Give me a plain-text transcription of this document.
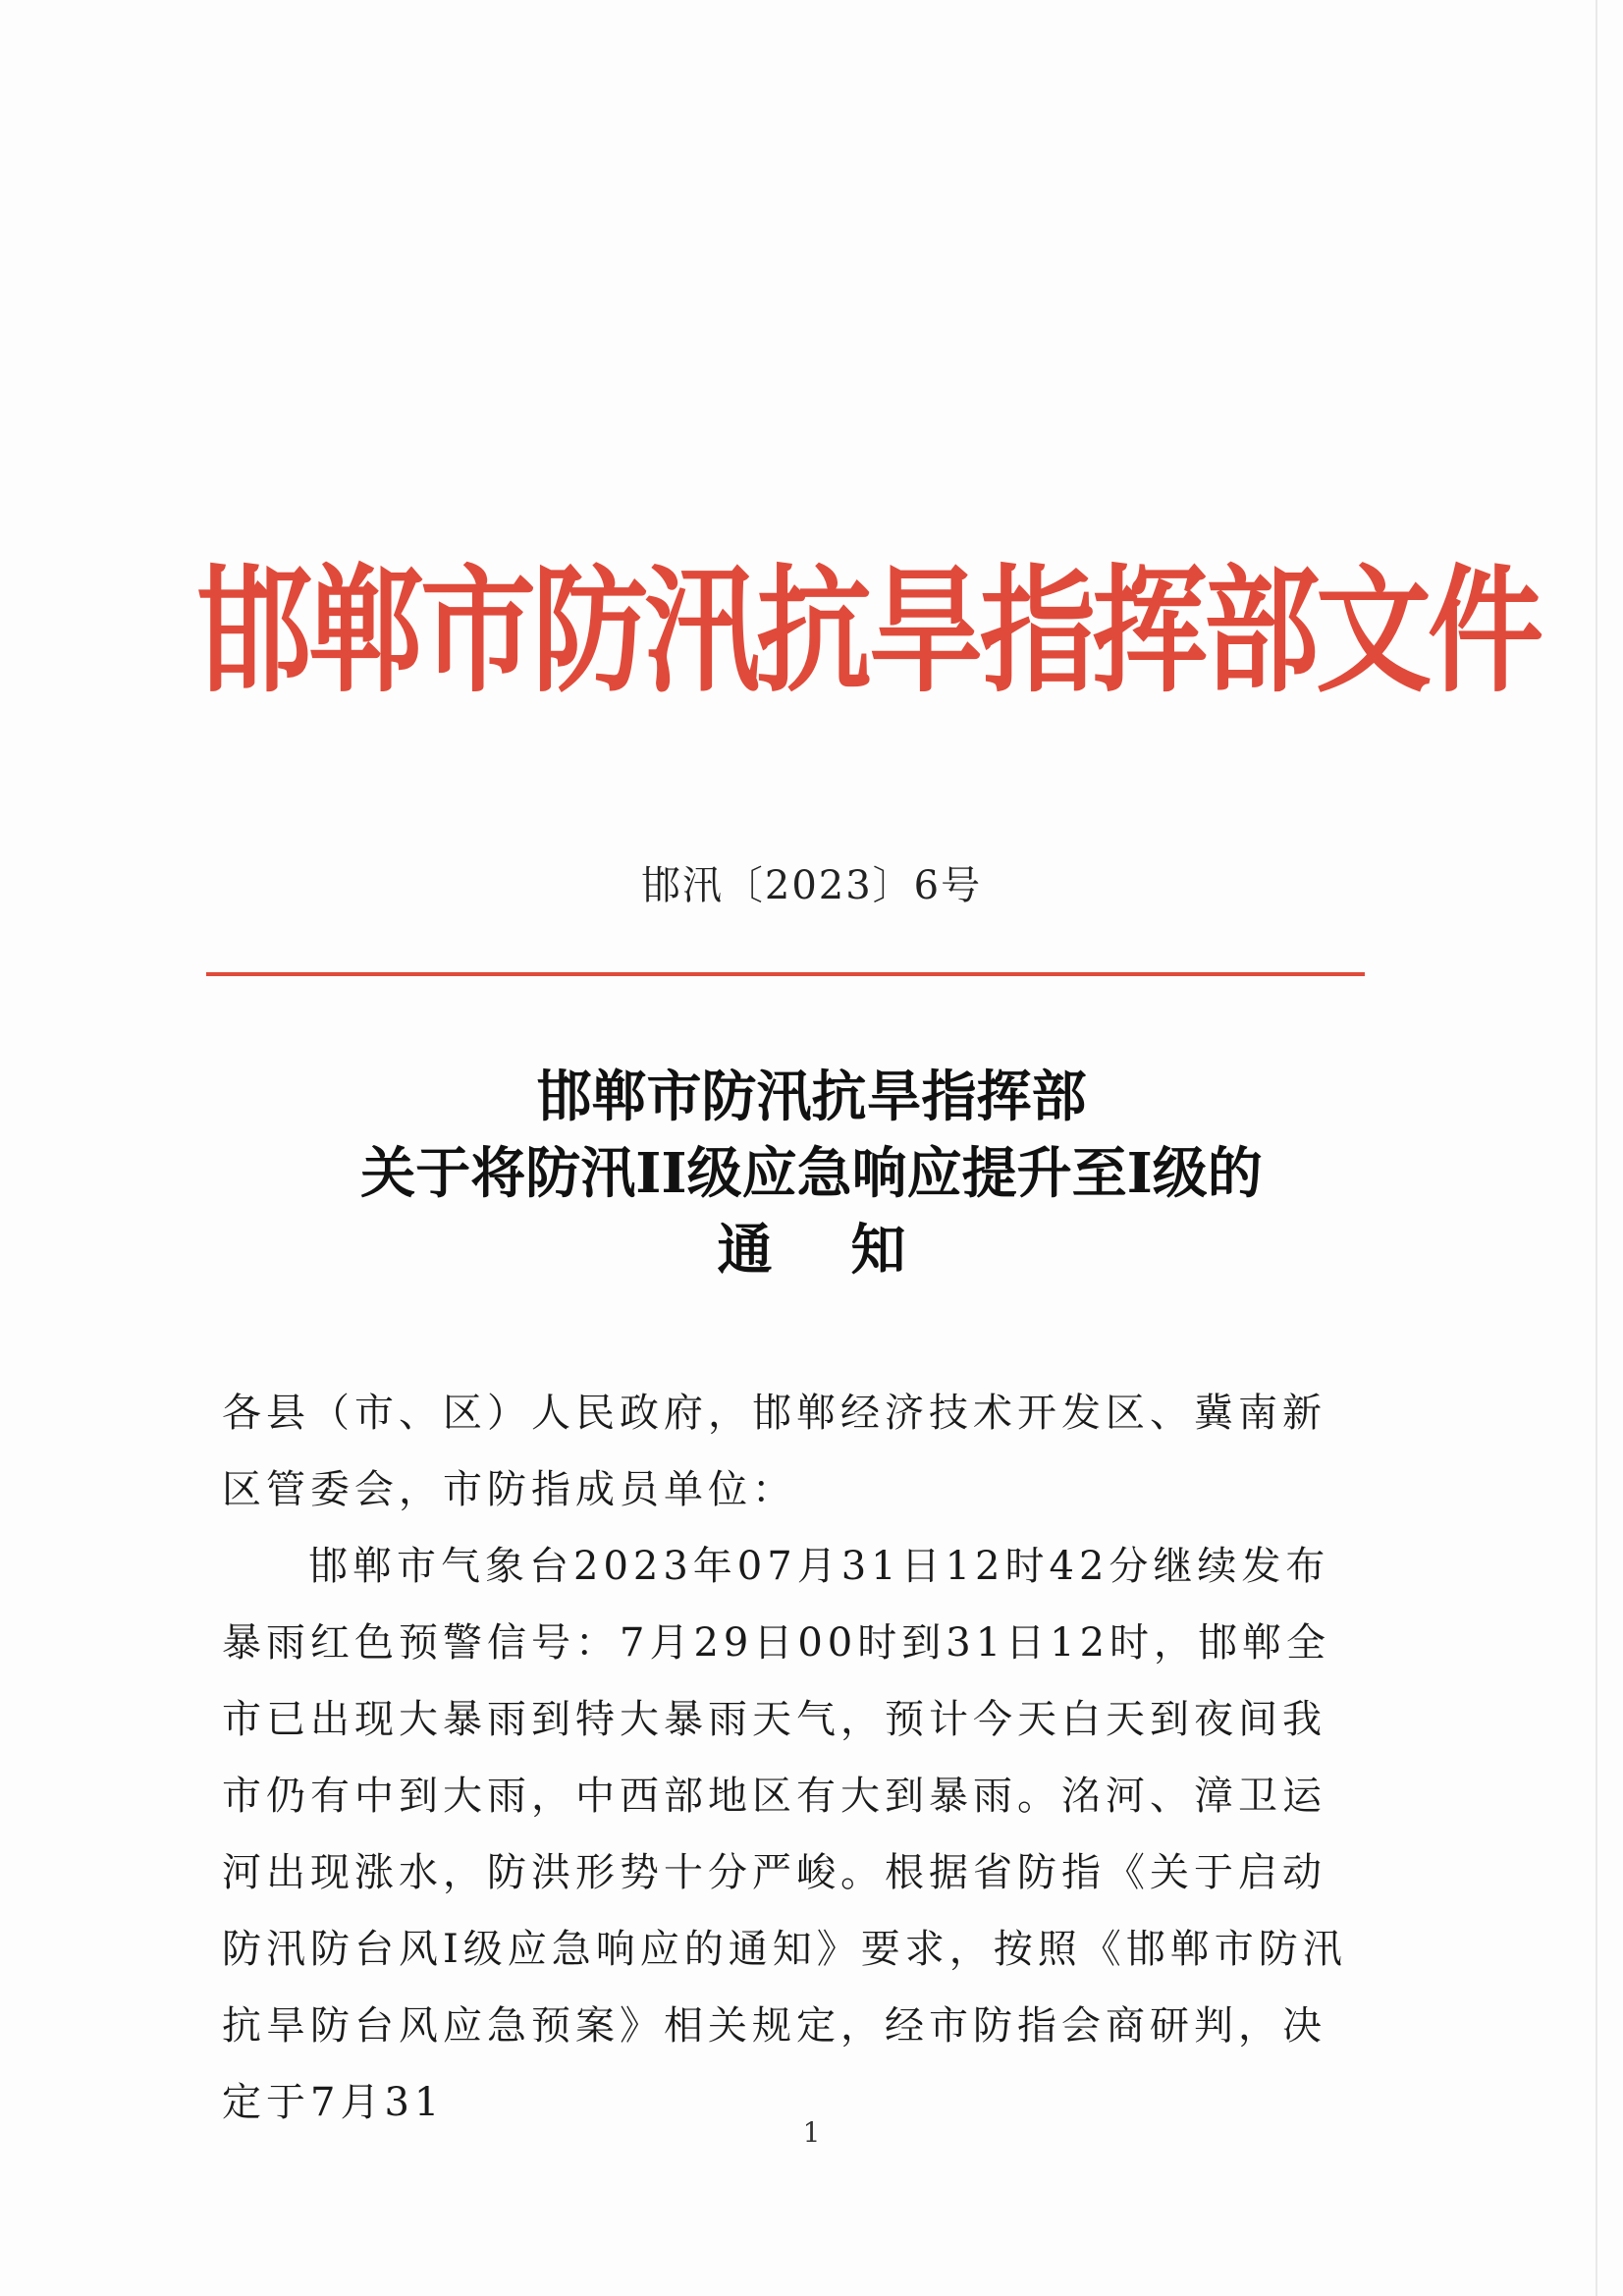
邯郸市防汛抗旱指挥部文件
邯汛〔2023〕6号
邯郸市防汛抗旱指挥部
关于将防汛II级应急响应提升至I级的
通知

各县（市、区）人民政府，邯郸经济技术开发区、冀南新区管委会，市防指成员单位：

邯郸市气象台2023年07月31日12时42分继续发布暴雨红色预警信号：7月29日00时到31日12时，邯郸全市已出现大暴雨到特大暴雨天气，预计今天白天到夜间我市仍有中到大雨，中西部地区有大到暴雨。洺河、漳卫运河出现涨水，防洪形势十分严峻。根据省防指《关于启动防汛防台风I级应急响应的通知》要求，按照《邯郸市防汛抗旱防台风应急预案》相关规定，经市防指会商研判，决定于7月31

1
